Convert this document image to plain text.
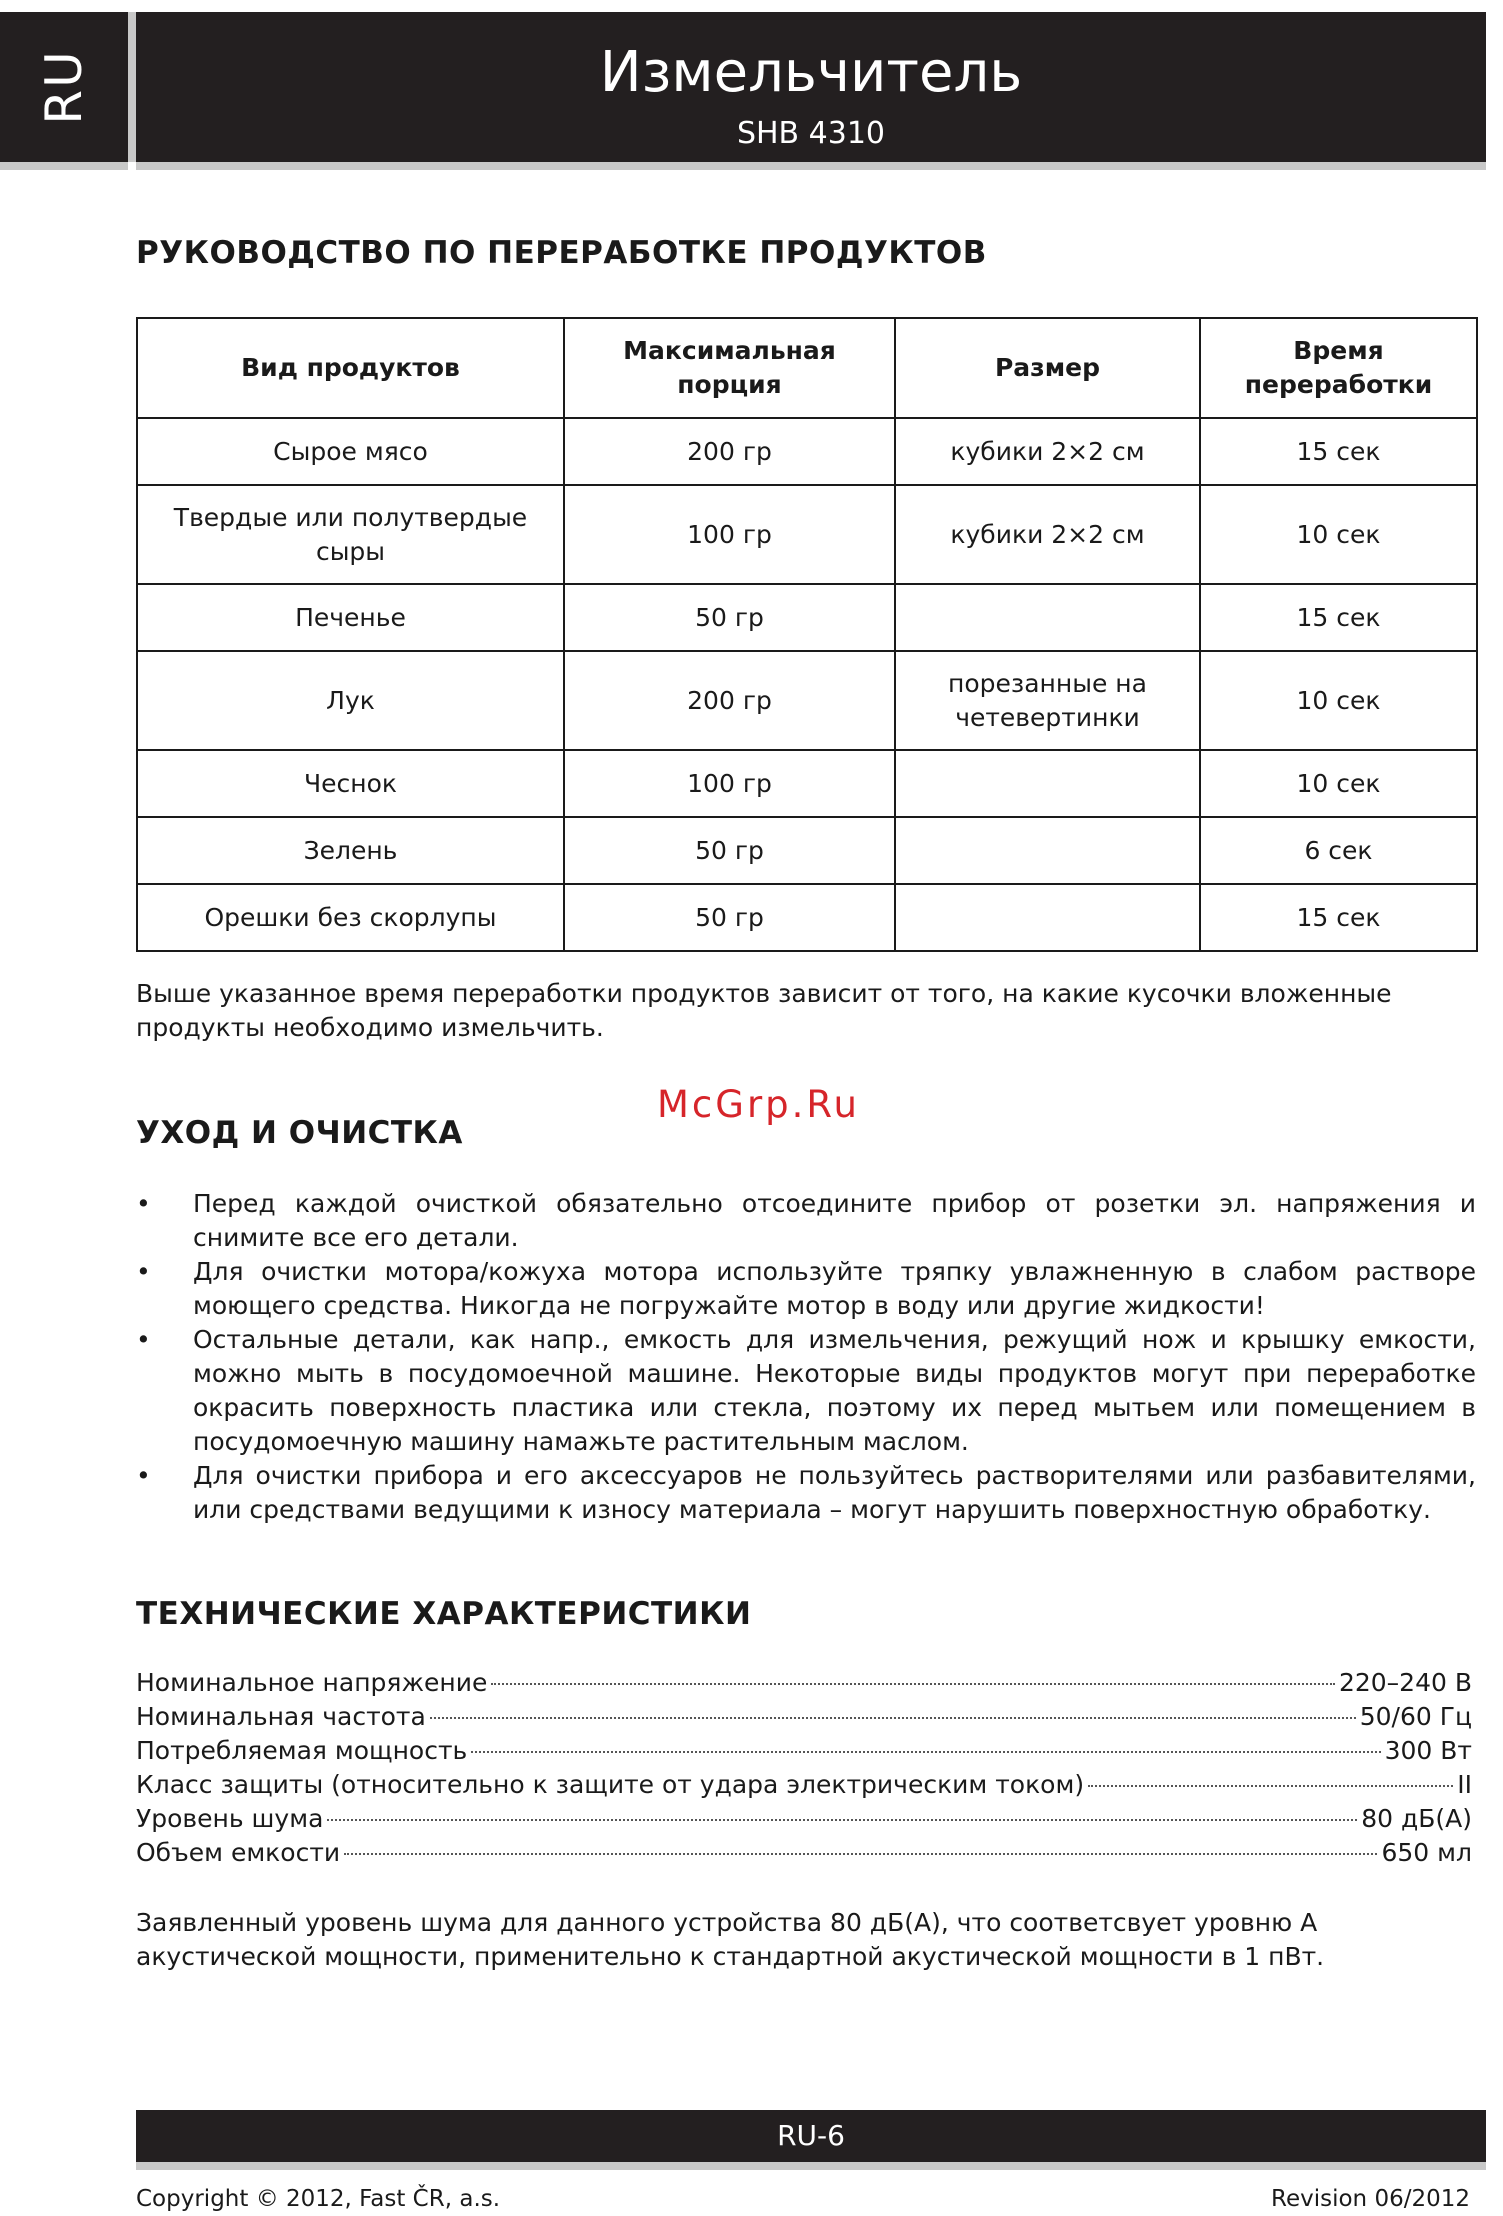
RU	Измельчитель
SHB 4310
РУКОВОДСТВО ПО ПЕРЕРАБОТКЕ ПРОДУКТОВ
Вид продуктов	Максимальная порция	Размер	Время переработки
Сырое мясо	200 гр	кубики 2×2 см	15 сек
Твердые или полутвердые сыры	100 гр	кубики 2×2 см	10 сек
Печенье	50 гр		15 сек
Лук	200 гр	порезанные на четевертинки	10 сек
Чеснок	100 гр		10 сек
Зелень	50 гр		6 сек
Орешки без скорлупы	50 гр		15 сек
Выше указанное время переработки продуктов зависит от того, на какие кусочки вложенные продукты необходимо измельчить.
McGrp.Ru
УХОД И ОЧИСТКА
• Перед каждой очисткой обязательно отсоедините прибор от розетки эл. напряжения и снимите все его детали.
• Для очистки мотора/кожуха мотора используйте тряпку увлажненную в слабом растворе моющего средства. Никогда не погружайте мотор в воду или другие жидкости!
• Остальные детали, как напр., емкость для измельчения, режущий нож и крышку емкости, можно мыть в посудомоечной машине. Некоторые виды продуктов могут при переработке окрасить поверхность пластика или стекла, поэтому их перед мытьем или помещением в посудомоечную машину намажьте растительным маслом.
• Для очистки прибора и его аксессуаров не пользуйтесь растворителями или разбавителями, или средствами ведущими к износу материала – могут нарушить поверхностную обработку.
ТЕХНИЧЕСКИЕ ХАРАКТЕРИСТИКИ
Номинальное напряжение	220–240 В
Номинальная частота	50/60 Гц
Потребляемая мощность	300 Вт
Класс защиты (относительно к защите от удара электрическим током)	II
Уровень шума	80 дБ(А)
Объем емкости	650 мл
Заявленный уровень шума для данного устройства 80 дБ(А), что соответсвует уровню А акустической мощности, применительно к стандартной акустической мощности в 1 пВт.
RU-6
Copyright © 2012, Fast ČR, a.s.	Revision 06/2012
